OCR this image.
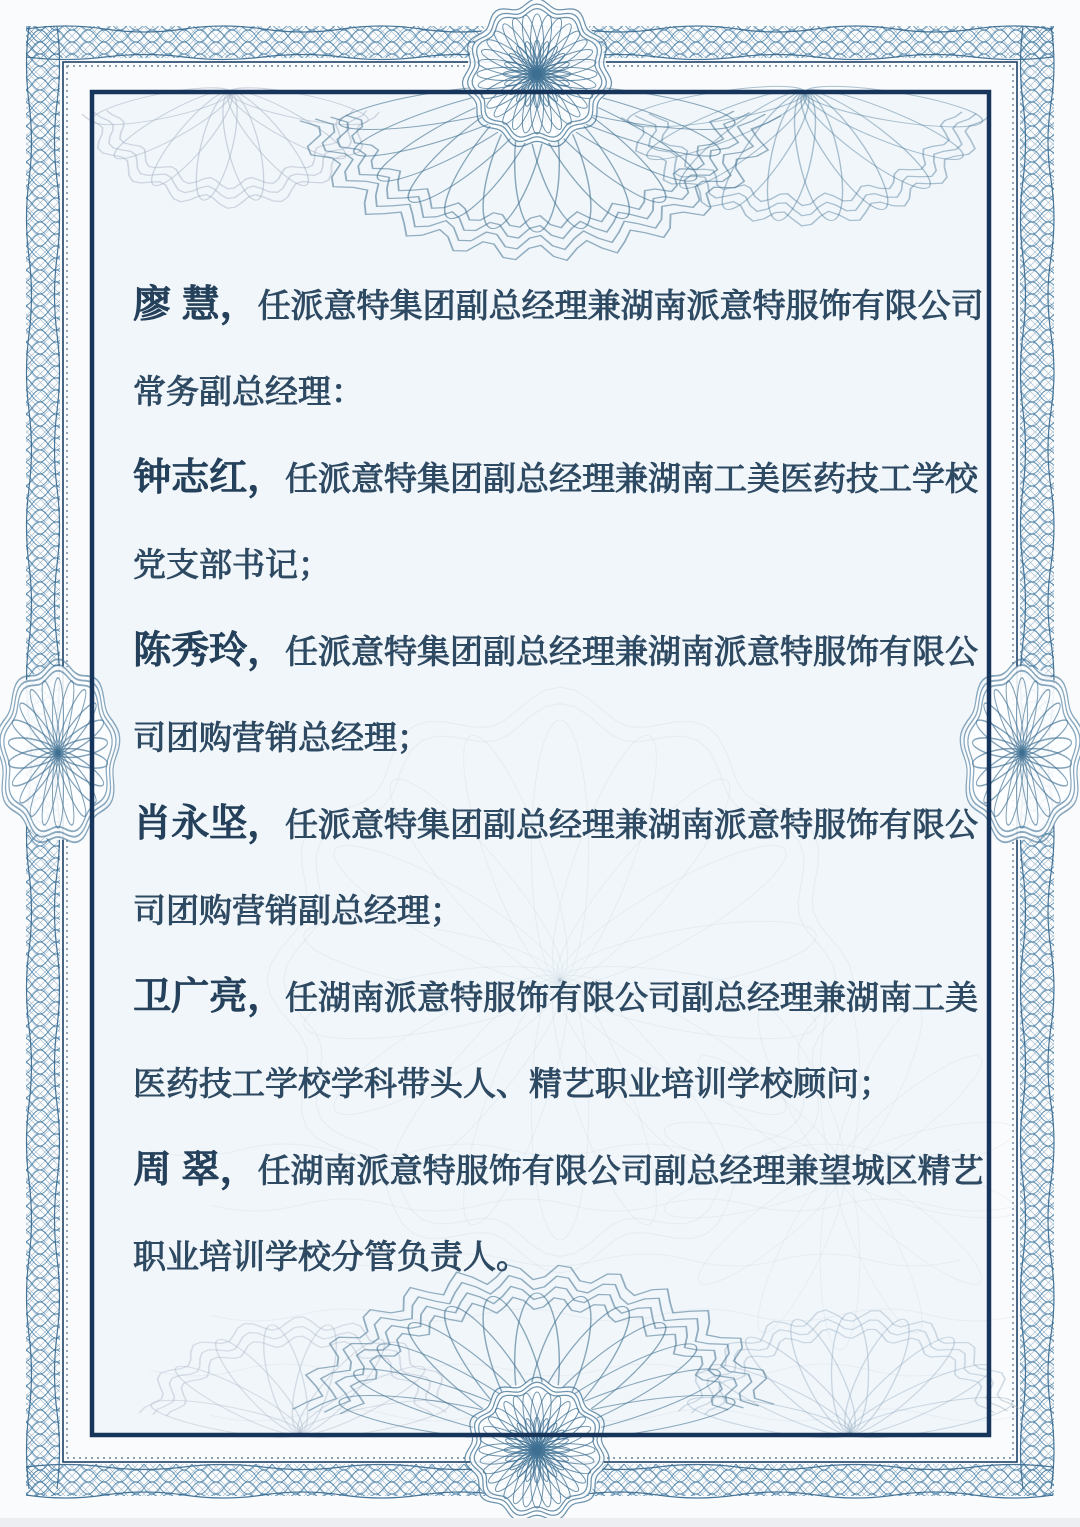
廖 慧，任派意特集团副总经理兼湖南派意特服饰有限公司常务副总经理：

钟志红，任派意特集团副总经理兼湖南工美医药技工学校党支部书记；

陈秀玲，任派意特集团副总经理兼湖南派意特服饰有限公司团购营销总经理；

肖永坚，任派意特集团副总经理兼湖南派意特服饰有限公司团购营销副总经理；

卫广亮，任湖南派意特服饰有限公司副总经理兼湖南工美医药技工学校学科带头人、精艺职业培训学校顾问；

周 翠，任湖南派意特服饰有限公司副总经理兼望城区精艺职业培训学校分管负责人。
